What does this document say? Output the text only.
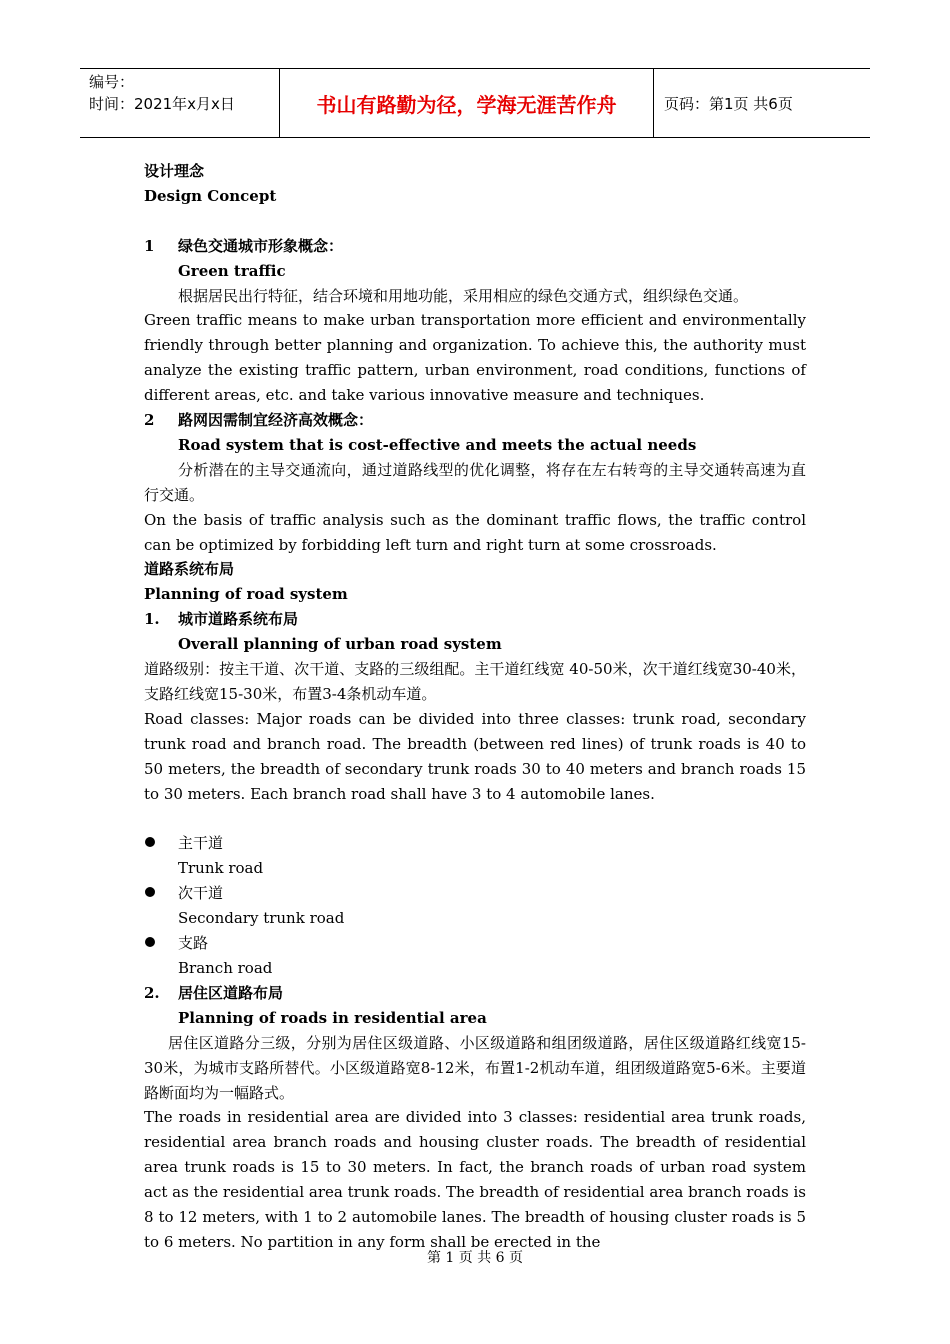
编号：
时间：2021年x月x日	书山有路勤为径，学海无涯苦作舟	页码：第1页 共6页

设计理念

Design Concept

1	绿色交通城市形象概念：

Green traffic

根据居民出行特征，结合环境和用地功能，采用相应的绿色交通方式，组织绿色交通。

Green traffic means to make urban transportation more efficient and environmentally friendly through better planning and organization. To achieve this, the authority must analyze the existing traffic pattern, urban environment, road conditions, functions of different areas, etc. and take various innovative measure and techniques.

2	路网因需制宜经济高效概念：

Road system that is cost-effective and meets the actual needs

分析潜在的主导交通流向，通过道路线型的优化调整，将存在左右转弯的主导交通转高速为直行交通。

On the basis of traffic analysis such as the dominant traffic flows, the traffic control can be optimized by forbidding left turn and right turn at some crossroads.

道路系统布局

Planning of road system

1.	城市道路系统布局

Overall planning of urban road system

道路级别：按主干道、次干道、支路的三级组配。主干道红线宽 40-50米，次干道红线宽30-40米，支路红线宽15-30米，布置3-4条机动车道。

Road classes: Major roads can be divided into three classes: trunk road, secondary trunk road and branch road. The breadth (between red lines) of trunk roads is 40 to 50 meters, the breadth of secondary trunk roads 30 to 40 meters and branch roads 15 to 30 meters. Each branch road shall have 3 to 4 automobile lanes.

主干道

Trunk road

次干道

Secondary trunk road

支路

Branch road

2.	居住区道路布局

Planning of roads in residential area

居住区道路分三级，分别为居住区级道路、小区级道路和组团级道路，居住区级道路红线宽15-30米，为城市支路所替代。小区级道路宽8-12米，布置1-2机动车道，组团级道路宽5-6米。主要道路断面均为一幅路式。

The roads in residential area are divided into 3 classes: residential area trunk roads, residential area branch roads and housing cluster roads. The breadth of residential area trunk roads is 15 to 30 meters. In fact, the branch roads of urban road system act as the residential area trunk roads. The breadth of residential area branch roads is 8 to 12 meters, with 1 to 2 automobile lanes. The breadth of housing cluster roads is 5 to 6 meters. No partition in any form shall be erected in the

第 1 页 共 6 页
